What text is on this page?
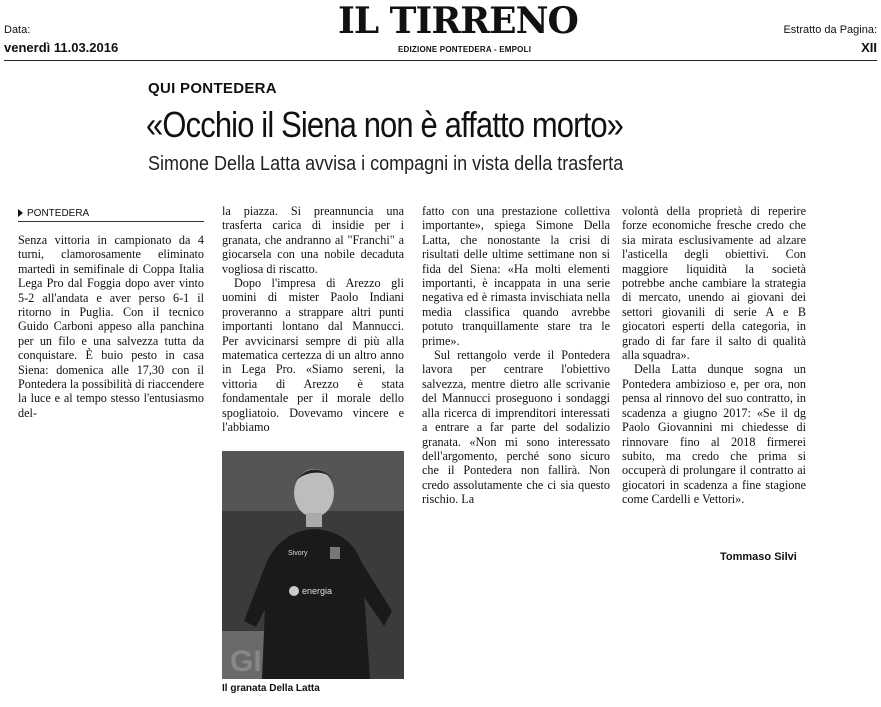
Data:
venerdì 11.03.2016
IL TIRRENO
EDIZIONE PONTEDERA - EMPOLI
Estratto da Pagina:
XII
QUI PONTEDERA
«Occhio il Siena non è affatto morto»
Simone Della Latta avvisa i compagni in vista della trasferta
PONTEDERA

Senza vittoria in campionato da 4 turni, clamorosamente eliminato martedì in semifinale di Coppa Italia Lega Pro dal Foggia dopo aver vinto 5-2 all'andata e aver perso 6-1 il ritorno in Puglia. Con il tecnico Guido Carboni appeso alla panchina per un filo e una salvezza tutta da conquistare. È buio pesto in casa Siena: domenica alle 17,30 con il Pontedera la possibilità di riaccendere la luce e al tempo stesso l'entusiasmo del-

la piazza. Si preannuncia una trasferta carica di insidie per i granata, che andranno al "Franchi" a giocarsela con una nobile decaduta vogliosa di riscatto.

Dopo l'impresa di Arezzo gli uomini di mister Paolo Indiani proveranno a strappare altri punti importanti lontano dal Mannucci. Per avvicinarsi sempre di più alla matematica certezza di un altro anno in Lega Pro. «Siamo sereni, la vittoria di Arezzo è stata fondamentale per il morale dello spogliatoio. Dovevamo vincere e l'abbiamo

GI
Sivory
energia
Il granata Della Latta

fatto con una prestazione collettiva importante», spiega Simone Della Latta, che nonostante la crisi di risultati delle ultime settimane non si fida del Siena: «Ha molti elementi importanti, è incappata in una serie negativa ed è rimasta invischiata nella media classifica quando avrebbe potuto tranquillamente stare tra le prime».

Sul rettangolo verde il Pontedera lavora per centrare l'obiettivo salvezza, mentre dietro alle scrivanie del Mannucci proseguono i sondaggi alla ricerca di imprenditori interessati a entrare a far parte del sodalizio granata. «Non mi sono interessato dell'argomento, perché sono sicuro che il Pontedera non fallirà. Non credo assolutamente che ci sia questo rischio. La

volontà della proprietà di reperire forze economiche fresche credo che sia mirata esclusivamente ad alzare l'asticella degli obiettivi. Con maggiore liquidità la società potrebbe anche cambiare la strategia di mercato, unendo ai giovani dei settori giovanili di serie A e B giocatori esperti della categoria, in grado di far fare il salto di qualità alla squadra».

Della Latta dunque sogna un Pontedera ambizioso e, per ora, non pensa al rinnovo del suo contratto, in scadenza a giugno 2017: «Se il dg Paolo Giovannini mi chiedesse di rinnovare fino al 2018 firmerei subito, ma credo che prima si occuperà di prolungare il contratto ai giocatori in scadenza a fine stagione come Cardelli e Vettori».

Tommaso Silvi
